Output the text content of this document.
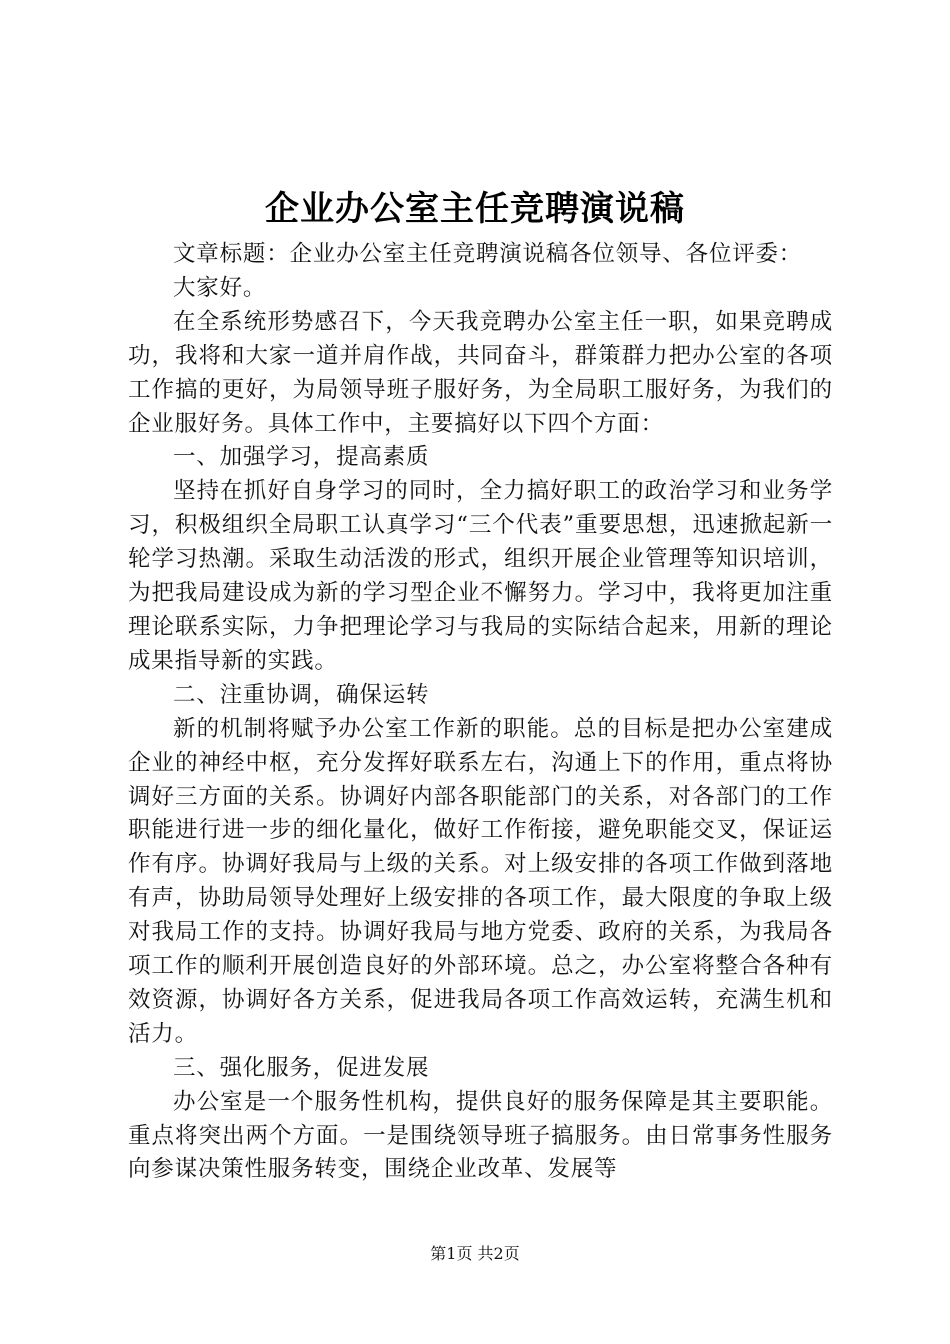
企业办公室主任竞聘演说稿

文章标题：企业办公室主任竞聘演说稿各位领导、各位评委：

大家好。

在全系统形势感召下，今天我竞聘办公室主任一职，如果竞聘成功，我将和大家一道并肩作战，共同奋斗，群策群力把办公室的各项工作搞的更好，为局领导班子服好务，为全局职工服好务，为我们的企业服好务。具体工作中，主要搞好以下四个方面：

一、加强学习，提高素质

坚持在抓好自身学习的同时，全力搞好职工的政治学习和业务学习，积极组织全局职工认真学习“三个代表”重要思想，迅速掀起新一轮学习热潮。采取生动活泼的形式，组织开展企业管理等知识培训，为把我局建设成为新的学习型企业不懈努力。学习中，我将更加注重理论联系实际，力争把理论学习与我局的实际结合起来，用新的理论成果指导新的实践。

二、注重协调，确保运转

新的机制将赋予办公室工作新的职能。总的目标是把办公室建成企业的神经中枢，充分发挥好联系左右，沟通上下的作用，重点将协调好三方面的关系。协调好内部各职能部门的关系，对各部门的工作职能进行进一步的细化量化，做好工作衔接，避免职能交叉，保证运作有序。协调好我局与上级的关系。对上级安排的各项工作做到落地有声，协助局领导处理好上级安排的各项工作，最大限度的争取上级对我局工作的支持。协调好我局与地方党委、政府的关系，为我局各项工作的顺利开展创造良好的外部环境。总之，办公室将整合各种有效资源，协调好各方关系，促进我局各项工作高效运转，充满生机和活力。

三、强化服务，促进发展

办公室是一个服务性机构，提供良好的服务保障是其主要职能。重点将突出两个方面。一是围绕领导班子搞服务。由日常事务性服务向参谋决策性服务转变，围绕企业改革、发展等

第1页 共2页
